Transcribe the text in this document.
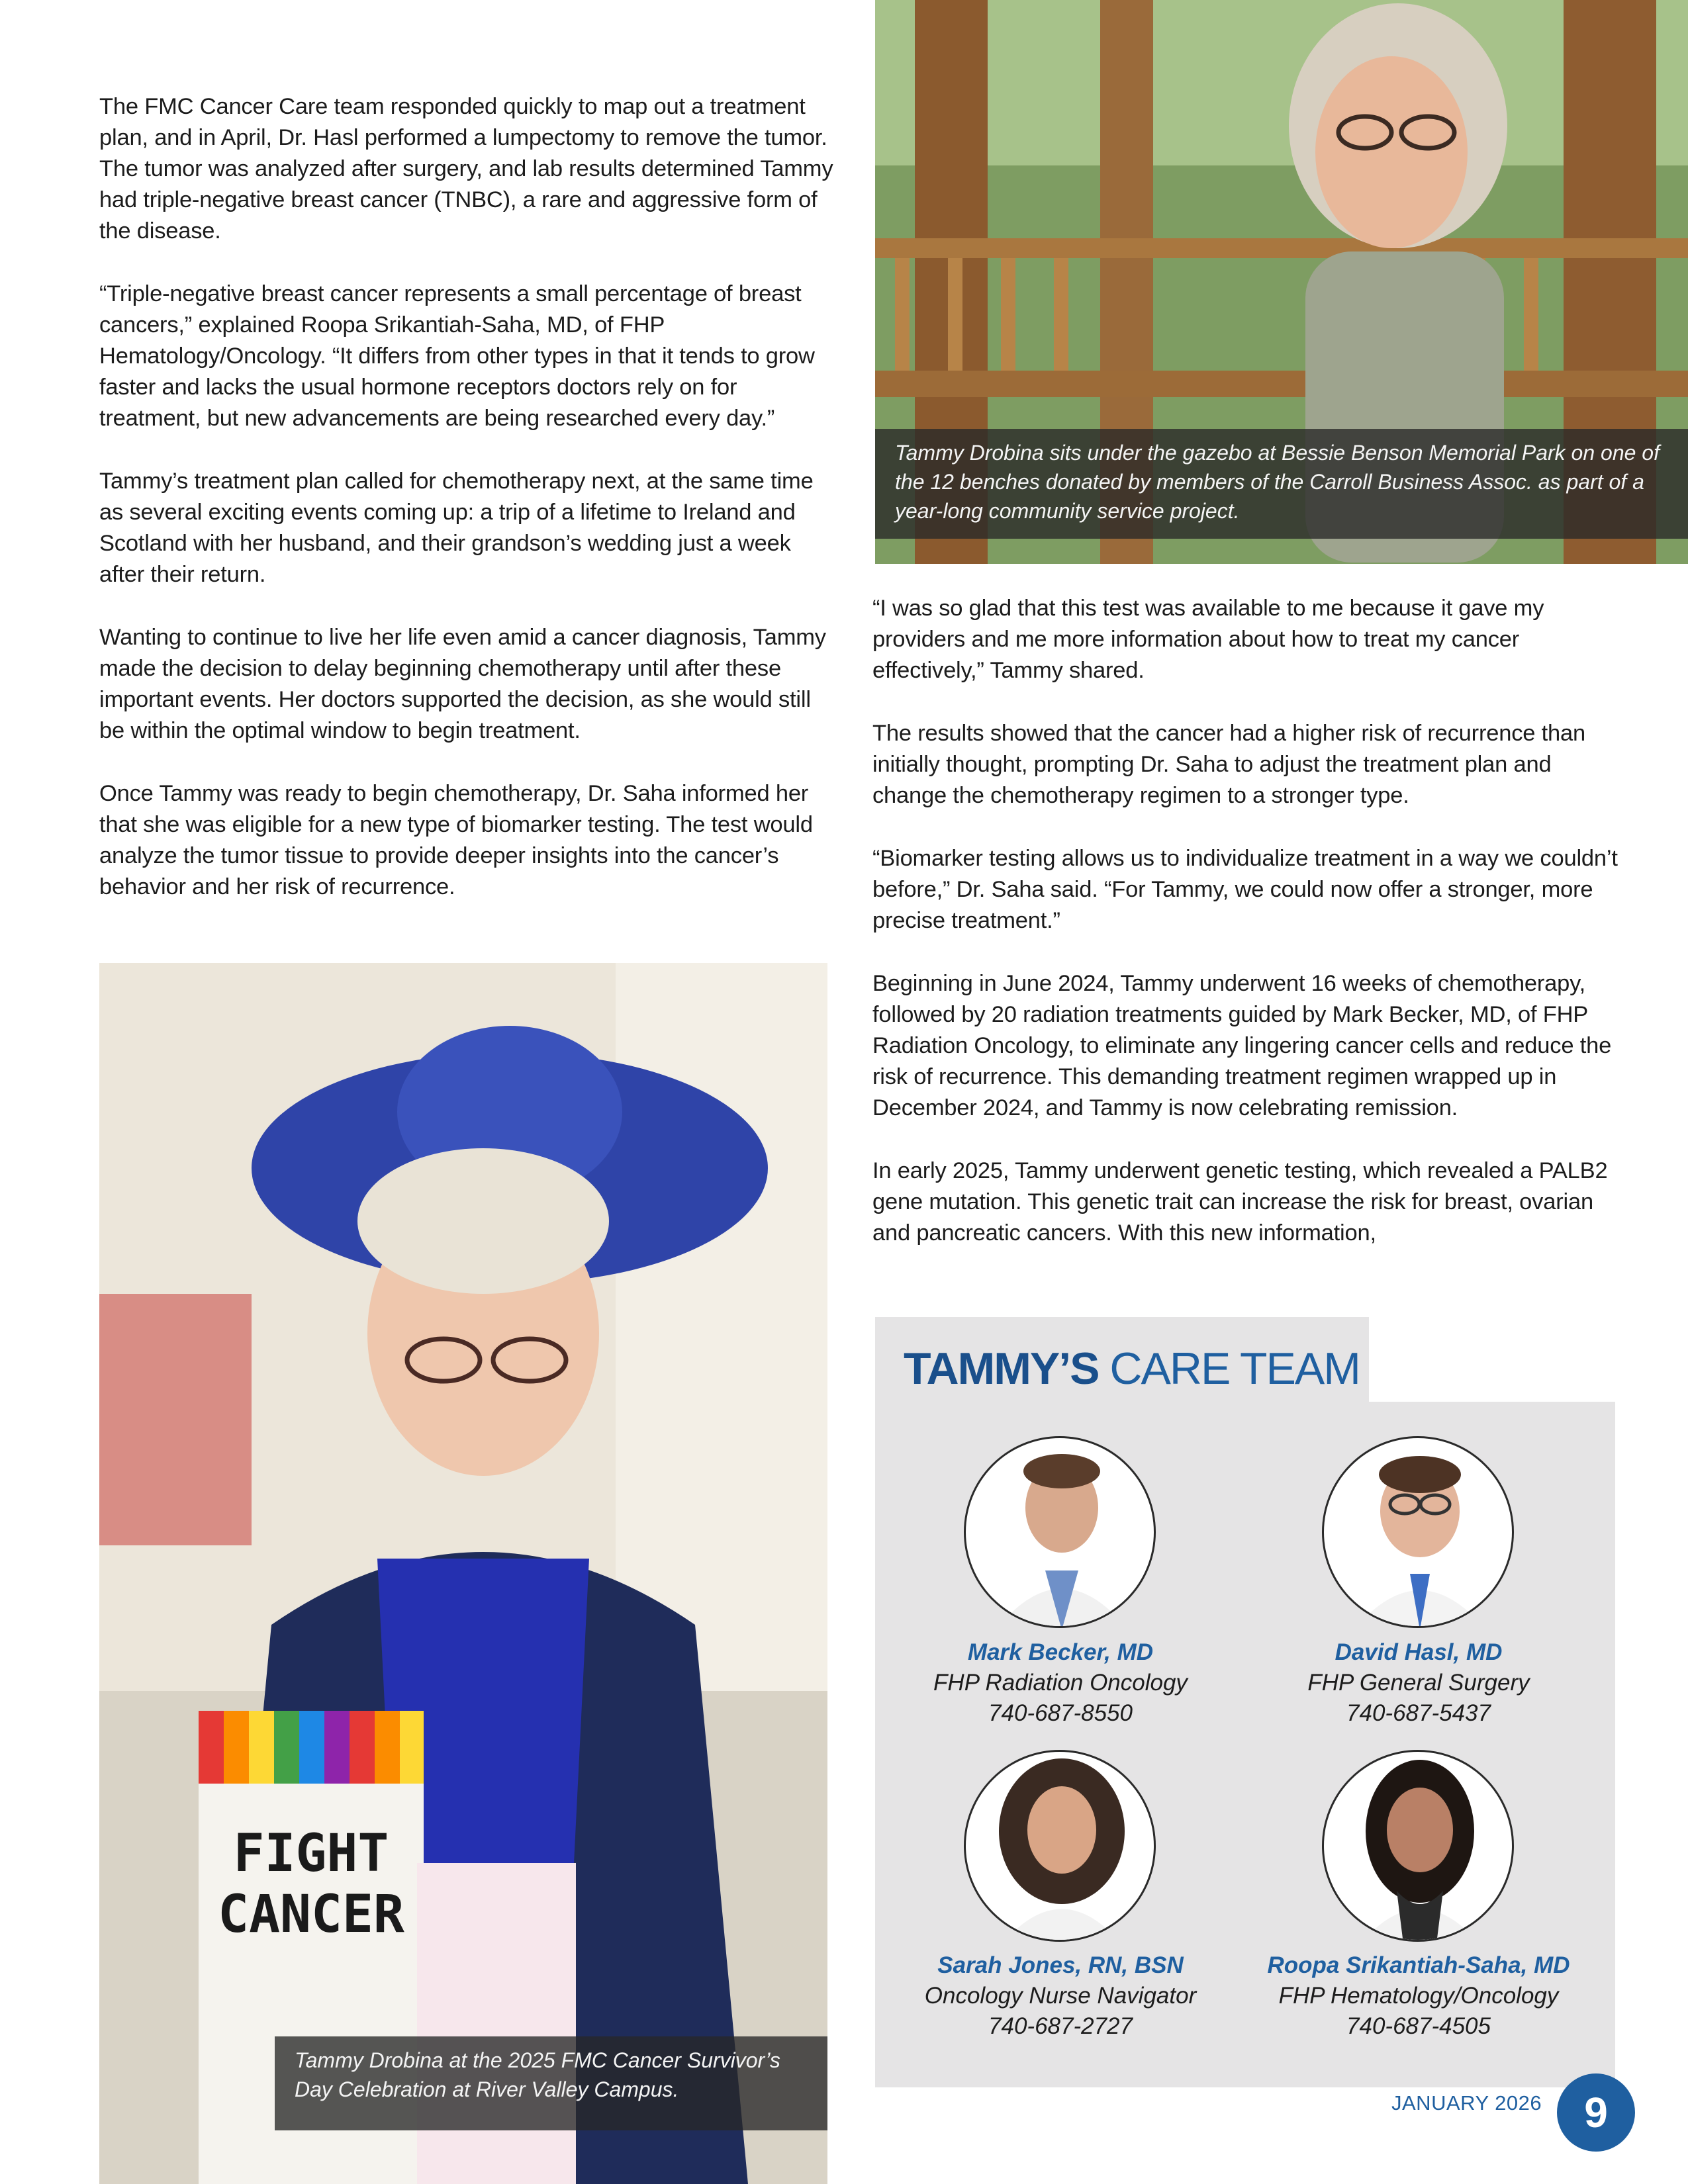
Tammy Drobina sits under the gazebo at Bessie Benson Memorial Park on one of the 12 benches donated by members of the Carroll Business Assoc. as part of a year-long community service project.

The FMC Cancer Care team responded quickly to map out a treatment plan, and in April, Dr. Hasl performed a lumpectomy to remove the tumor. The tumor was analyzed after surgery, and lab results determined Tammy had triple-negative breast cancer (TNBC), a rare and aggressive form of the disease.

“Triple-negative breast cancer represents a small percentage of breast cancers,” explained Roopa Srikantiah-Saha, MD, of FHP Hematology/Oncology. “It differs from other types in that it tends to grow faster and lacks the usual hormone receptors doctors rely on for treatment, but new advancements are being researched every day.”

Tammy’s treatment plan called for chemotherapy next, at the same time as several exciting events coming up: a trip of a lifetime to Ireland and Scotland with her husband, and their grandson’s wedding just a week after their return.

Wanting to continue to live her life even amid a cancer diagnosis, Tammy made the decision to delay beginning chemotherapy until after these important events. Her doctors supported the decision, as she would still be within the optimal window to begin treatment.

Once Tammy was ready to begin chemotherapy, Dr. Saha informed her that she was eligible for a new type of biomarker testing. The test would analyze the tumor tissue to provide deeper insights into the cancer’s behavior and her risk of recurrence.

“I was so glad that this test was available to me because it gave my providers and me more information about how to treat my cancer effectively,” Tammy shared.

The results showed that the cancer had a higher risk of recurrence than initially thought, prompting Dr. Saha to adjust the treatment plan and change the chemotherapy regimen to a stronger type.

“Biomarker testing allows us to individualize treatment in a way we couldn’t before,” Dr. Saha said. “For Tammy, we could now offer a stronger, more precise treatment.”

Beginning in June 2024, Tammy underwent 16 weeks of chemotherapy, followed by 20 radiation treatments guided by Mark Becker, MD, of FHP Radiation Oncology, to eliminate any lingering cancer cells and reduce the risk of recurrence. This demanding treatment regimen wrapped up in December 2024, and Tammy is now celebrating remission.

In early 2025, Tammy underwent genetic testing, which revealed a PALB2 gene mutation. This genetic trait can increase the risk for breast, ovarian and pancreatic cancers. With this new information,

FIGHT
CANCER
Tammy Drobina at the 2025 FMC Cancer Survivor’s Day Celebration at River Valley Campus.
TAMMY’S CARE TEAM
Mark Becker, MD
FHP Radiation Oncology
740-687-8550
David Hasl, MD
FHP General Surgery
740-687-5437
Sarah Jones, RN, BSN
Oncology Nurse Navigator
740-687-2727
Roopa Srikantiah-Saha, MD
FHP Hematology/Oncology
740-687-4505
JANUARY 2026	9
